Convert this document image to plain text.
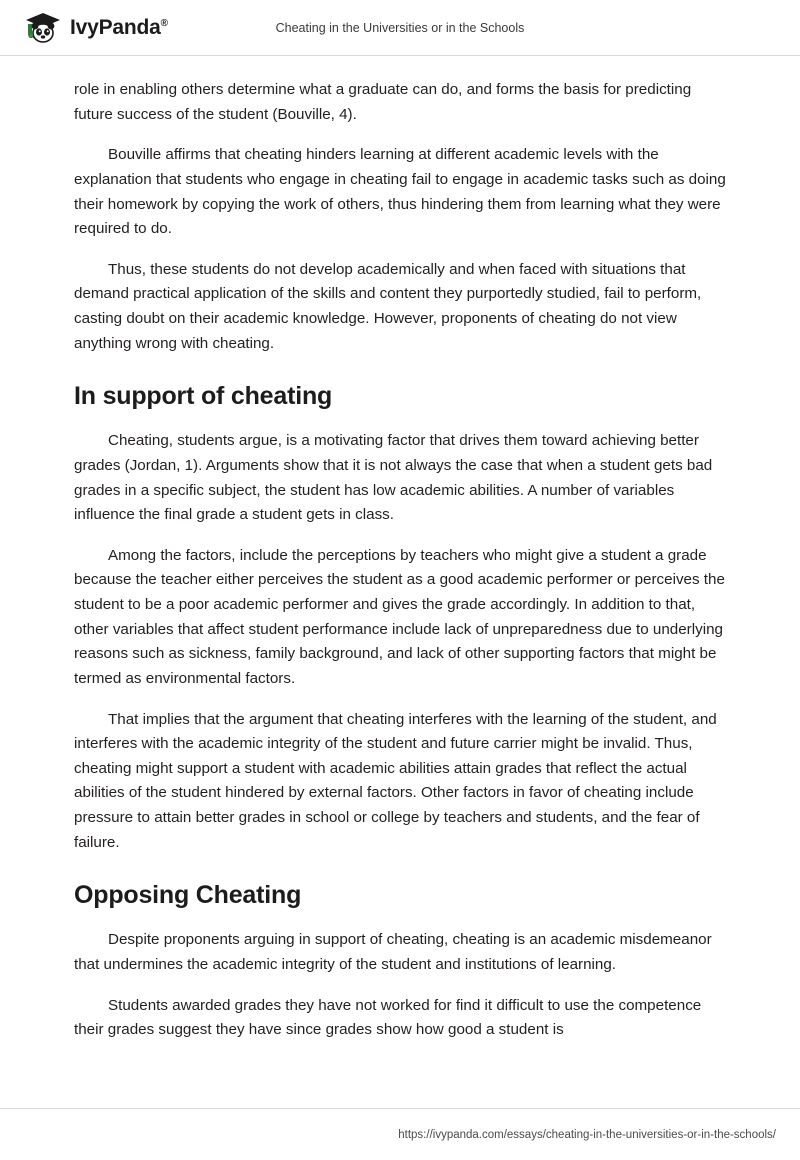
IvyPanda®	Cheating in the Universities or in the Schools

role in enabling others determine what a graduate can do, and forms the basis for predicting future success of the student (Bouville, 4).

Bouville affirms that cheating hinders learning at different academic levels with the explanation that students who engage in cheating fail to engage in academic tasks such as doing their homework by copying the work of others, thus hindering them from learning what they were required to do.

Thus, these students do not develop academically and when faced with situations that demand practical application of the skills and content they purportedly studied, fail to perform, casting doubt on their academic knowledge. However, proponents of cheating do not view anything wrong with cheating.

In support of cheating

Cheating, students argue, is a motivating factor that drives them toward achieving better grades (Jordan, 1). Arguments show that it is not always the case that when a student gets bad grades in a specific subject, the student has low academic abilities. A number of variables influence the final grade a student gets in class.

Among the factors, include the perceptions by teachers who might give a student a grade because the teacher either perceives the student as a good academic performer or perceives the student to be a poor academic performer and gives the grade accordingly. In addition to that, other variables that affect student performance include lack of unpreparedness due to underlying reasons such as sickness, family background, and lack of other supporting factors that might be termed as environmental factors.

That implies that the argument that cheating interferes with the learning of the student, and interferes with the academic integrity of the student and future carrier might be invalid. Thus, cheating might support a student with academic abilities attain grades that reflect the actual abilities of the student hindered by external factors. Other factors in favor of cheating include pressure to attain better grades in school or college by teachers and students, and the fear of failure.

Opposing Cheating

Despite proponents arguing in support of cheating, cheating is an academic misdemeanor that undermines the academic integrity of the student and institutions of learning.

Students awarded grades they have not worked for find it difficult to use the competence their grades suggest they have since grades show how good a student is

https://ivypanda.com/essays/cheating-in-the-universities-or-in-the-schools/
